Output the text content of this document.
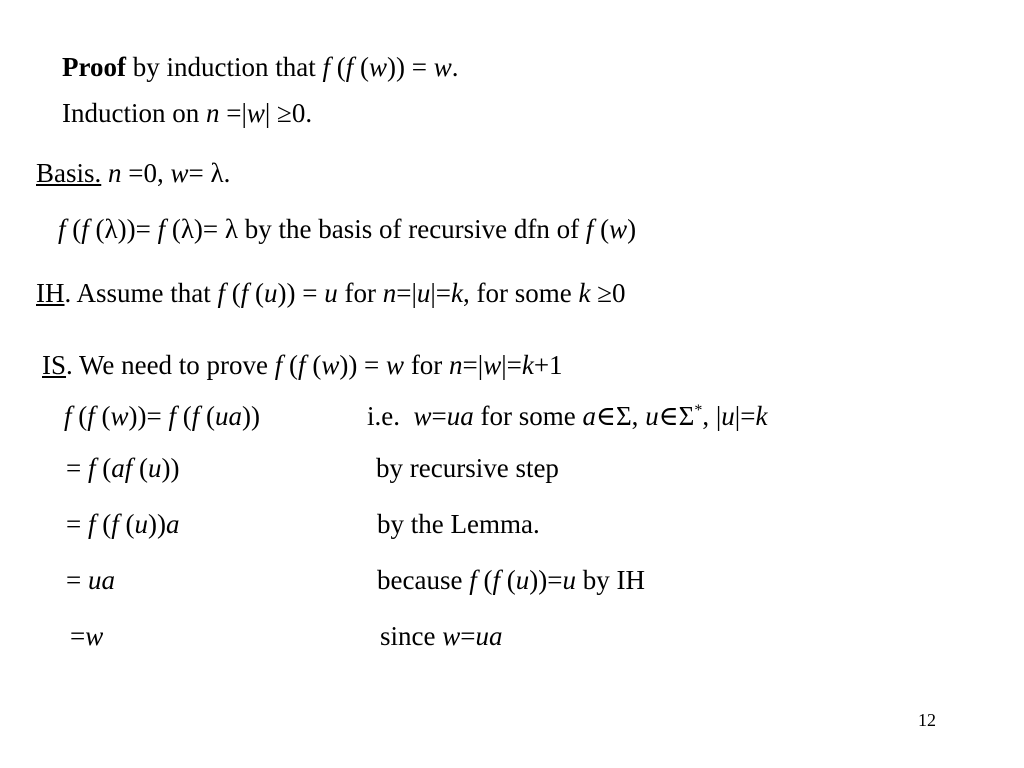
Proof by induction that f (f (w)) = w.
Induction on n =|w| ≥0.
Basis. n =0, w= λ.
f (f (λ))= f (λ)= λ by the basis of recursive dfn of f (w)
IH. Assume that f (f (u)) = u for n=|u|=k, for some k ≥0
IS. We need to prove f (f (w)) = w for n=|w|=k+1
f (f (w))= f (f (ua))	i.e.  w=ua for some a∈Σ, u∈Σ*, |u|=k
= f (af (u))	by recursive step
= f (f (u))a	by the Lemma.
= ua	because f (f (u))=u by IH
=w	since w=ua
12
